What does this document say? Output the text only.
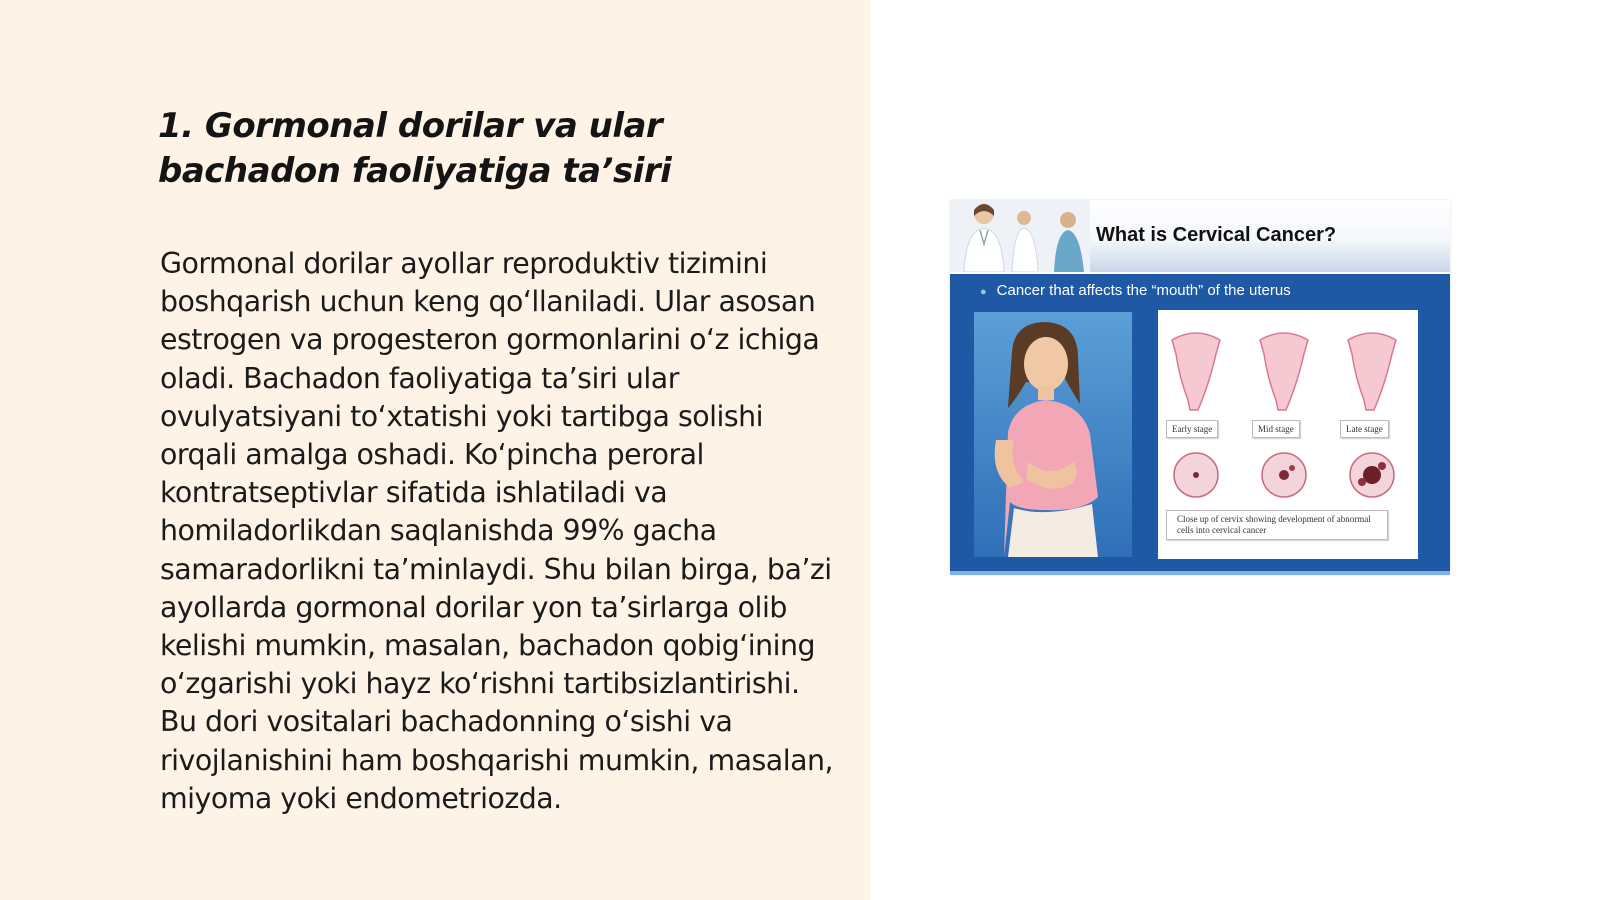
1. Gormonal dorilar va ular bachadon faoliyatiga ta’siri

Gormonal dorilar ayollar reproduktiv tizimini boshqarish uchun keng qo‘llaniladi. Ular asosan estrogen va progesteron gormonlarini o‘z ichiga oladi. Bachadon faoliyatiga ta’siri ular ovulyatsiyani to‘xtatishi yoki tartibga solishi orqali amalga oshadi. Ko‘pincha peroral kontratseptivlar sifatida ishlatiladi va homiladorlikdan saqlanishda 99% gacha samaradorlikni ta’minlaydi. Shu bilan birga, ba’zi ayollarda gormonal dorilar yon ta’sirlarga olib kelishi mumkin, masalan, bachadon qobig‘ining o‘zgarishi yoki hayz ko‘rishni tartibsizlantirishi. Bu dori vositalari bachadonning o‘sishi va rivojlanishini ham boshqarishi mumkin, masalan, miyoma yoki endometriozda.

What is Cervical Cancer?
● Cancer that affects the “mouth” of the uterus
Early stage	Mid stage	Late stage
Close up of cervix showing development of abnormal cells into cervical cancer
